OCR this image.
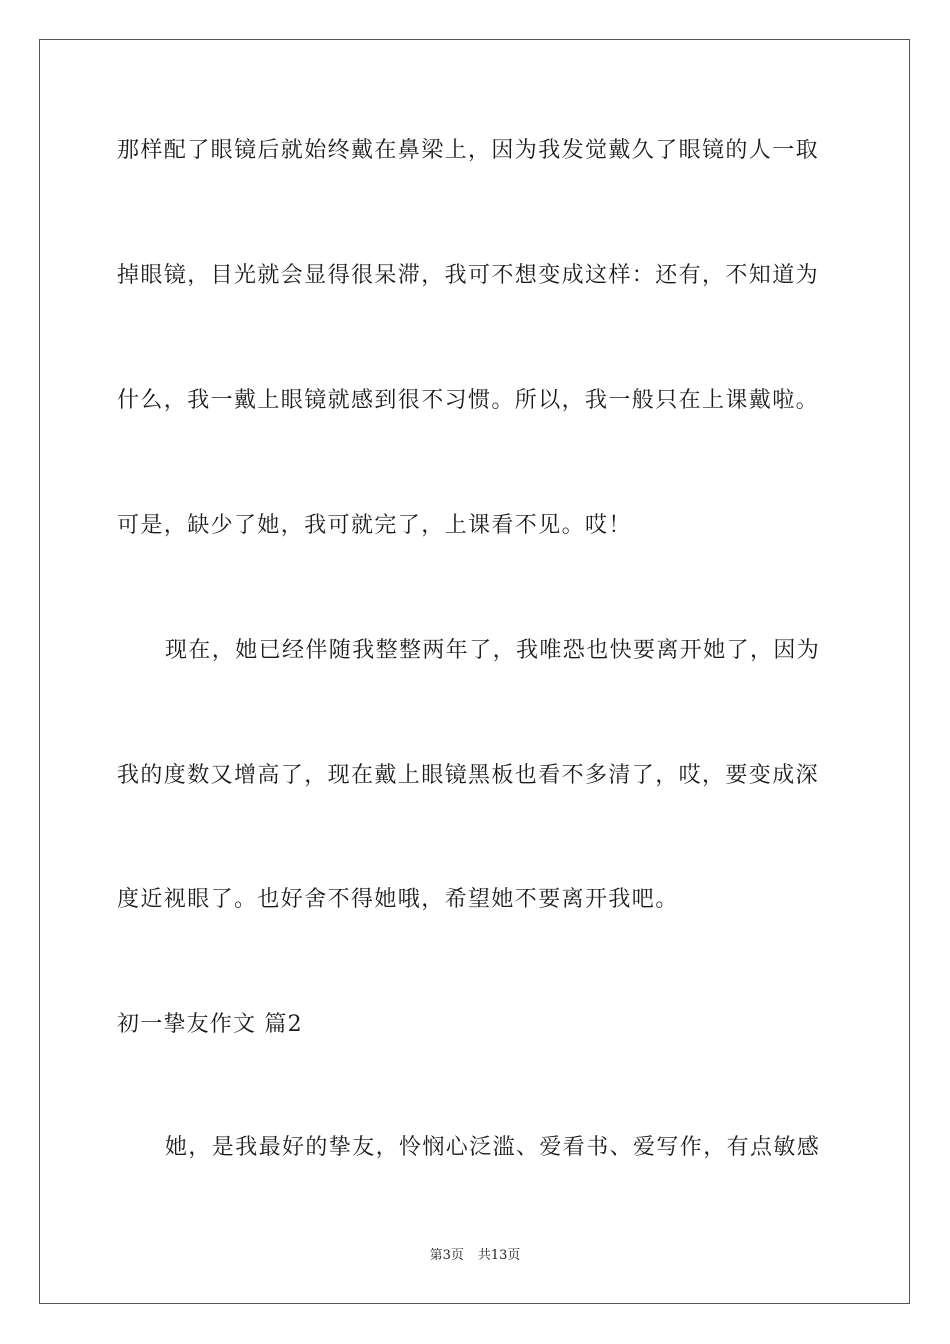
那样配了眼镜后就始终戴在鼻梁上，因为我发觉戴久了眼镜的人一取
掉眼镜，目光就会显得很呆滞，我可不想变成这样：还有，不知道为
什么，我一戴上眼镜就感到很不习惯。所以，我一般只在上课戴啦。
可是，缺少了她，我可就完了，上课看不见。哎！
现在，她已经伴随我整整两年了，我唯恐也快要离开她了，因为
我的度数又增高了，现在戴上眼镜黑板也看不多清了，哎，要变成深
度近视眼了。也好舍不得她哦，希望她不要离开我吧。
初一挚友作文 篇2
她，是我最好的挚友，怜悯心泛滥、爱看书、爱写作，有点敏感
第3页 共13页
